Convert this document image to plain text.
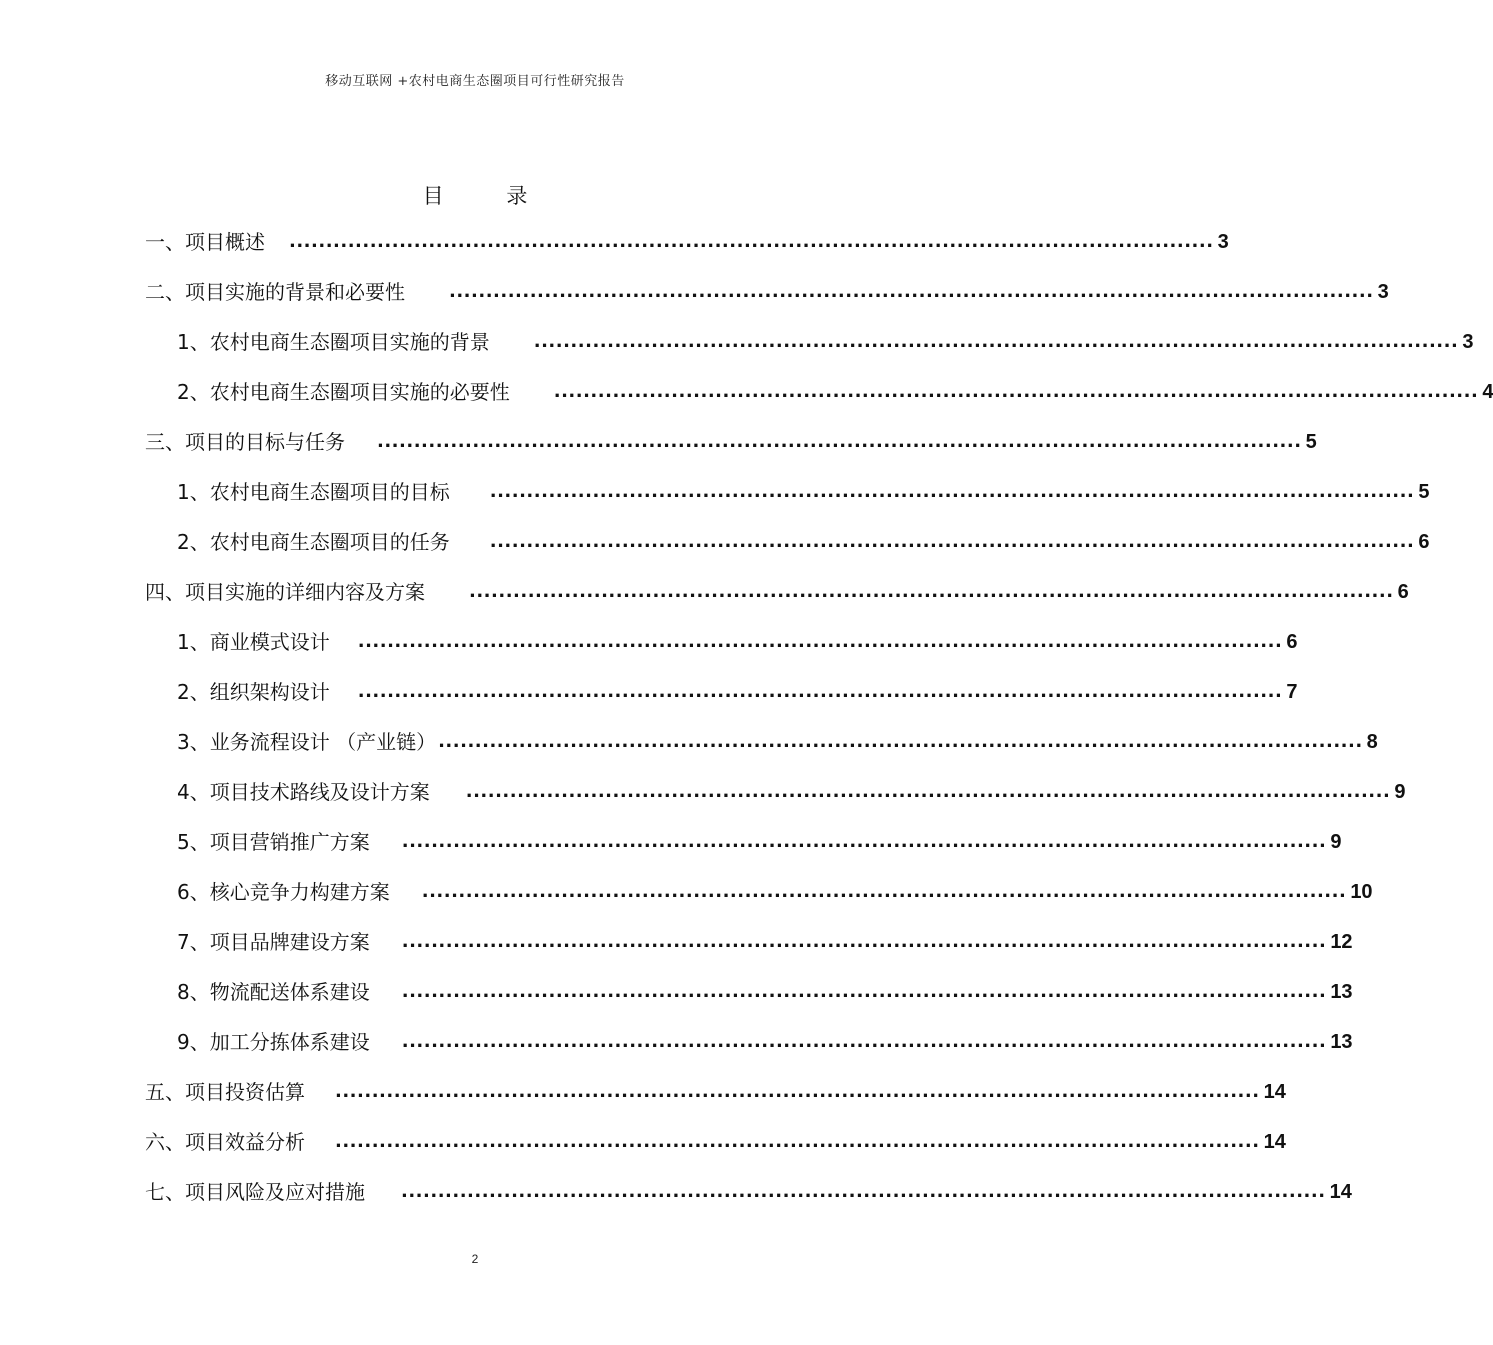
移动互联网 +农村电商生态圈项目可行性研究报告
目 录
一、项目概述 .............................................................................................................................. 3
二、项目实施的背景和必要性 .............................................................................................................................. 3
1、农村电商生态圈项目实施的背景 .............................................................................................................................. 3
2、农村电商生态圈项目实施的必要性 .............................................................................................................................. 4
三、项目的目标与任务 .............................................................................................................................. 5
1、农村电商生态圈项目的目标 .............................................................................................................................. 5
2、农村电商生态圈项目的任务 .............................................................................................................................. 6
四、项目实施的详细内容及方案 .............................................................................................................................. 6
1、商业模式设计 .............................................................................................................................. 6
2、组织架构设计 .............................................................................................................................. 7
3、业务流程设计 （产业链） .............................................................................................................................. 8
4、项目技术路线及设计方案 .............................................................................................................................. 9
5、项目营销推广方案 .............................................................................................................................. 9
6、核心竞争力构建方案 .............................................................................................................................. 10
7、项目品牌建设方案 .............................................................................................................................. 12
8、物流配送体系建设 .............................................................................................................................. 13
9、加工分拣体系建设 .............................................................................................................................. 13
五、项目投资估算 .............................................................................................................................. 14
六、项目效益分析 .............................................................................................................................. 14
七、项目风险及应对措施 .............................................................................................................................. 14
2
